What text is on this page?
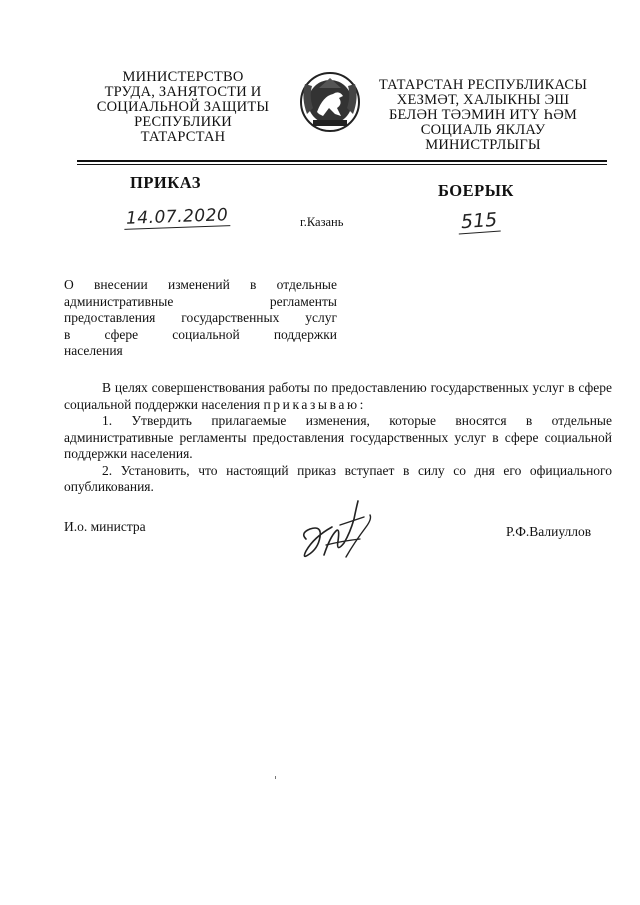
МИНИСТЕРСТВО
ТРУДА, ЗАНЯТОСТИ И
СОЦИАЛЬНОЙ ЗАЩИТЫ
РЕСПУБЛИКИ
ТАТАРСТАН
ТАТАРСТАН РЕСПУБЛИКАСЫ
ХЕЗМӘТ, ХАЛЫКНЫ ЭШ
БЕЛӘН ТӘЭМИН ИТҮ ҺӘМ
СОЦИАЛЬ ЯКЛАУ
МИНИСТРЛЫГЫ
ПРИКАЗ	БОЕРЫК
14.07.2020	г.Казань	515
О внесении изменений в отдельные
административные регламенты
предоставления государственных услуг
в сфере социальной поддержки
населения

В целях совершенствования работы по предоставлению государственных услуг в сфере социальной поддержки населения приказываю:

1. Утвердить прилагаемые изменения, которые вносятся в отдельные административные регламенты предоставления государственных услуг в сфере социальной поддержки населения.

2. Установить, что настоящий приказ вступает в силу со дня его официального опубликования.

И.о. министра	Р.Ф.Валиуллов
